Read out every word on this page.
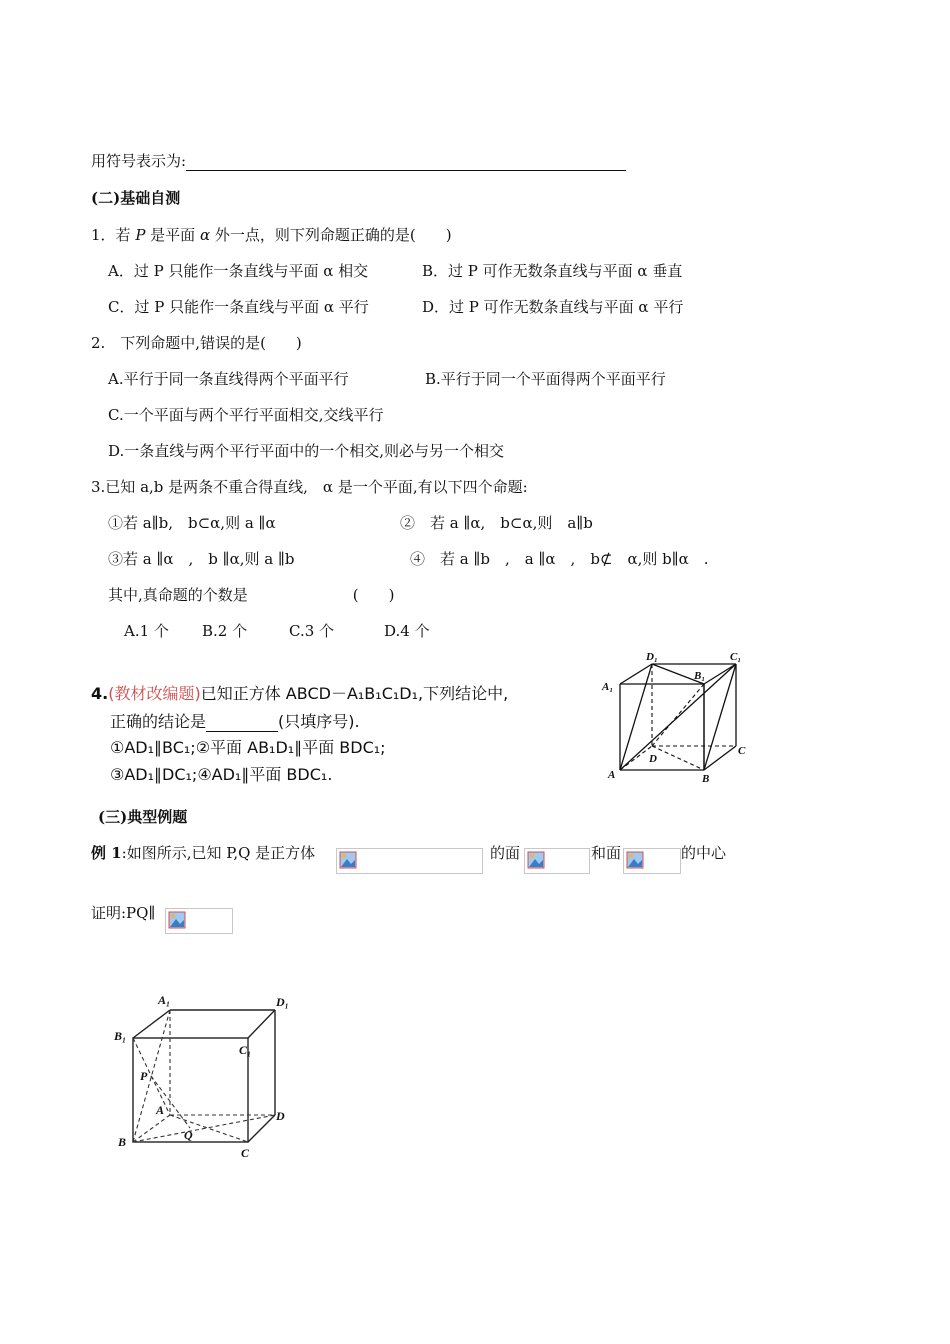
用符号表示为:
(二)基础自测
1．若 P 是平面 α 外一点，则下列命题正确的是(　　)
A．过 P 只能作一条直线与平面 α 相交	B．过 P 可作无数条直线与平面 α 垂直
C．过 P 只能作一条直线与平面 α 平行	D．过 P 可作无数条直线与平面 α 平行
2.　下列命题中,错误的是(　　)
A.平行于同一条直线得两个平面平行	B.平行于同一个平面得两个平面平行
C.一个平面与两个平行平面相交,交线平行
D.一条直线与两个平行平面中的一个相交,则必与另一个相交
3.已知 a,b 是两条不重合得直线,　α 是一个平面,有以下四个命题:
①若 a∥b,　b⊂α,则 a ∥α	②　若 a ∥α,　b⊂α,则　a∥b
③若 a ∥α　,　b ∥α,则 a ∥b	④　若 a ∥b　,　a ∥α　,　b⊄　α,则 b∥α　.
其中,真命题的个数是　　　　　　　(　　)
A.1 个 B.2 个	C.3 个	D.4 个
4.(教材改编题)已知正方体 ABCD－A₁B₁C₁D₁,下列结论中,
正确的结论是	(只填序号).
①AD₁∥BC₁;②平面 AB₁D₁∥平面 BDC₁;
③AD₁∥DC₁;④AD₁∥平面 BDC₁.
D₁	C₁
B₁
A₁
A	B
C
D
(三)典型例题
例 1:如图所示,已知 P,Q 是正方体	的面	和面	的中心
证明:PQ∥
A₁	D₁
B₁
C₁
P
A	D
B	Q
C
